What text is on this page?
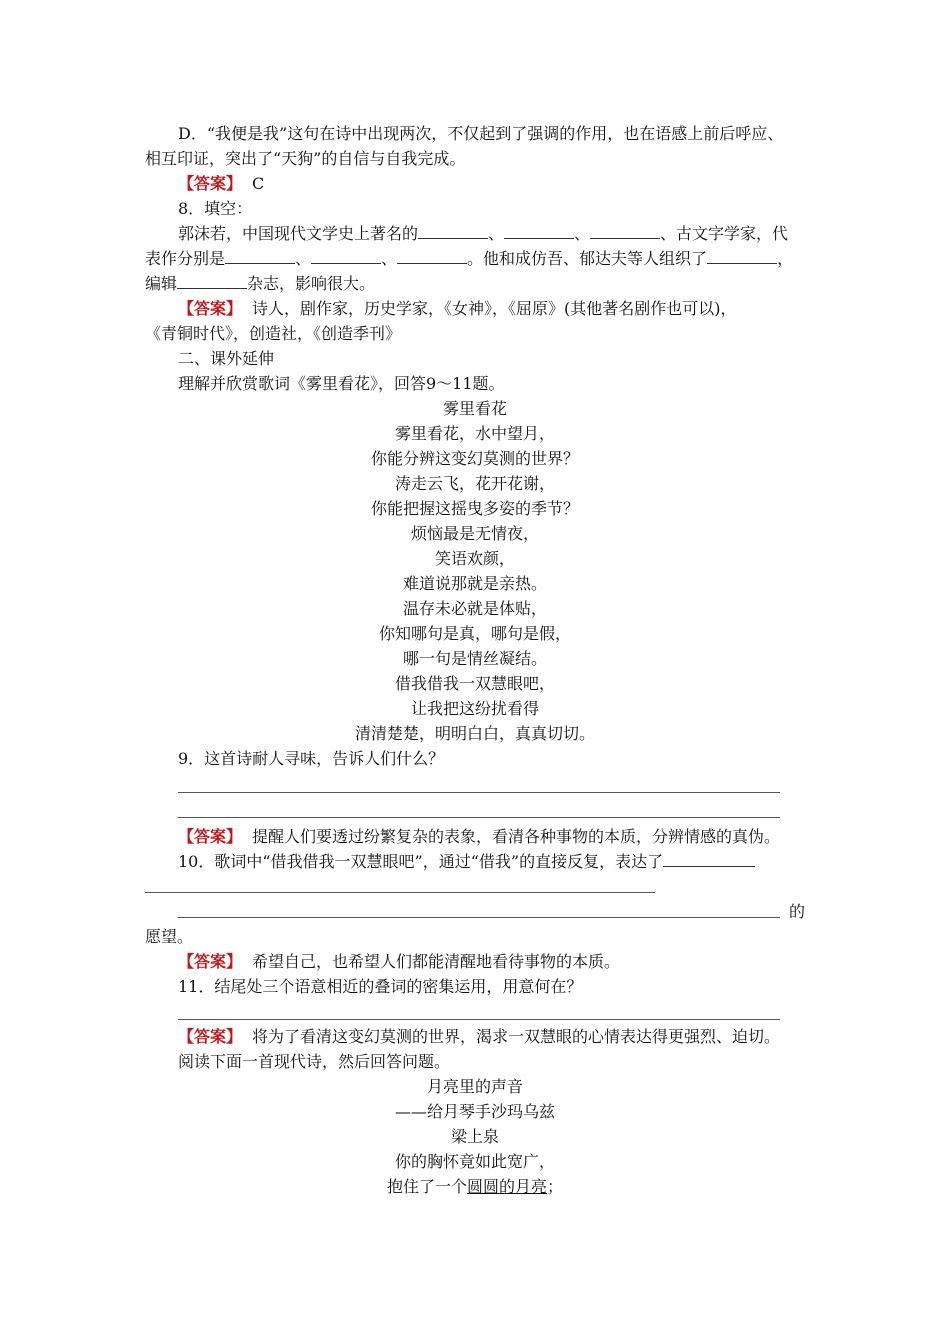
D．“我便是我”这句在诗中出现两次，不仅起到了强调的作用，也在语感上前后呼应、
相互印证，突出了“天狗”的自信与自我完成。
【答案】 C
8．填空：
郭沫若，中国现代文学史上著名的	、	、	、古文字学家，代
表作分别是	、	、	。他和成仿吾、郁达夫等人组织了	，
编辑	杂志，影响很大。
【答案】 诗人，剧作家，历史学家，《女神》，《屈原》(其他著名剧作也可以)，
《青铜时代》，创造社，《创造季刊》
二、课外延伸
理解并欣赏歌词《雾里看花》，回答9～11题。
雾里看花
雾里看花，水中望月，
你能分辨这变幻莫测的世界？
涛走云飞，花开花谢，
你能把握这摇曳多姿的季节？
烦恼最是无情夜，
笑语欢颜，
难道说那就是亲热。
温存未必就是体贴，
你知哪句是真，哪句是假，
哪一句是情丝凝结。
借我借我一双慧眼吧，
让我把这纷扰看得
清清楚楚，明明白白，真真切切。
9．这首诗耐人寻味，告诉人们什么？
【答案】 提醒人们要透过纷繁复杂的表象，看清各种事物的本质，分辨情感的真伪。
10．歌词中“借我借我一双慧眼吧”，通过“借我”的直接反复，表达了
的
愿望。
【答案】 希望自己，也希望人们都能清醒地看待事物的本质。
11．结尾处三个语意相近的叠词的密集运用，用意何在？
【答案】 将为了看清这变幻莫测的世界，渴求一双慧眼的心情表达得更强烈、迫切。
阅读下面一首现代诗，然后回答问题。
月亮里的声音
——给月琴手沙玛乌兹
梁上泉
你的胸怀竟如此宽广，
抱住了一个圆圆的月亮；
